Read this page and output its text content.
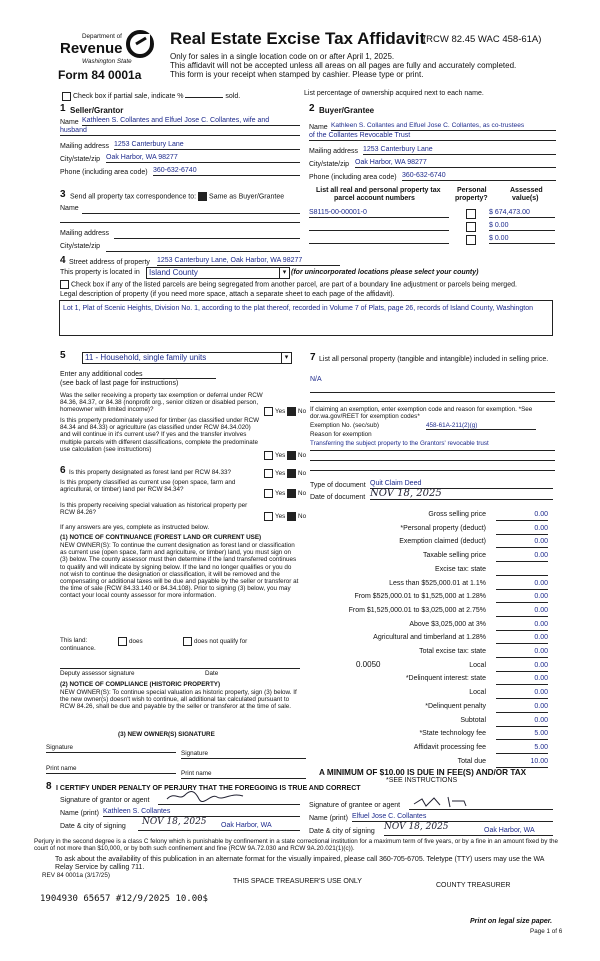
Department of
Revenue
Washington State
Form 84 0001a
Real Estate Excise Tax Affidavit
(RCW 82.45 WAC 458-61A)
Only for sales in a single location code on or after April 1, 2025.
This affidavit will not be accepted unless all areas on all pages are fully and accurately completed.
This form is your receipt when stamped by cashier. Please type or print.
Check box if partial sale, indicate %	sold.	List percentage of ownership acquired next to each name.
1 Seller/Grantor
Name Kathleen S. Collantes and Elfuel Jose C. Collantes, wife and
husband
Mailing address 1253 Canterbury Lane
City/state/zip Oak Harbor, WA 98277
Phone (including area code) 360-632-6740
2 Buyer/Grantee
Name Kathleen S. Collantes and Elfuel Jose C. Collantes, as co-trustees
of the Collantes Revocable Trust
Mailing address 1253 Canterbury Lane
City/state/zip Oak Harbor, WA 98277
Phone (including area code) 360-632-6740
3 Send all property tax correspondence to: Same as Buyer/Grantee
Name
Mailing address
City/state/zip
List all real and personal property tax
parcel account numbers
Personal
property?
Assessed
value(s)
S8115-00-00001-0	$ 674,473.00
$ 0.00
$ 0.00
4 Street address of property 1253 Canterbury Lane, Oak Harbor, WA 98277
This property is located in	Island County	▾ (for unincorporated locations please select your county)
Check box if any of the listed parcels are being segregated from another parcel, are part of a boundary line adjustment or parcels being merged.
Legal description of property (if you need more space, attach a separate sheet to each page of the affidavit).
Lot 1, Plat of Scenic Heights, Division No. 1, according to the plat thereof, recorded in Volume 7 of Plats, page 26, records of Island County, Washington
5	11 - Household, single family units	▾
Enter any additional codes
(see back of last page for instructions)
Was the seller receiving a property tax exemption or deferral under RCW 84.36, 84.37, or 84.38 (nonprofit org., senior citizen or disabled person, homeowner with limited income)?	Yes No
Is this property predominately used for timber (as classified under RCW 84.34 and 84.33) or agriculture (as classified under RCW 84.34.020) and will continue in it's current use? If yes and the transfer involves multiple parcels with different classifications, complete the predominate use calculation (see instructions)
Yes No
6 Is this property designated as forest land per RCW 84.33?	Yes No
Is this property classified as current use (open space, farm and agricultural, or timber) land per RCW 84.34?
Yes No
Is this property receiving special valuation as historical property per RCW 84.26?
Yes No
If any answers are yes, complete as instructed below.
(1) NOTICE OF CONTINUANCE (FOREST LAND OR CURRENT USE)
NEW OWNER(S): To continue the current designation as forest land or classification as current use (open space, farm and agriculture, or timber) land, you must sign on (3) below. The county assessor must then determine if the land transferred continues to qualify and will indicate by signing below. If the land no longer qualifies or you do not wish to continue the designation or classification, it will be removed and the compensating or additional taxes will be due and payable by the seller or transferor at the time of sale (RCW 84.33.140 or 84.34.108). Prior to signing (3) below, you may contact your local county assessor for more information.
This land:
continuance.
does	does not qualify for
Deputy assessor signature	Date
(2) NOTICE OF COMPLIANCE (HISTORIC PROPERTY)
NEW OWNER(S): To continue special valuation as historic property, sign (3) below. If the new owner(s) doesn't wish to continue, all additional tax calculated pursuant to RCW 84.26, shall be due and payable by the seller or transferor at the time of sale.
(3) NEW OWNER(S) SIGNATURE
Signature
Signature
Print name
Print name
7 List all personal property (tangible and intangible) included in selling price.
N/A
If claiming an exemption, enter exemption code and reason for exemption. *See dor.wa.gov/REET for exemption codes*
Exemption No. (sec/sub)	458-61A-211(2)(g)
Reason for exemption
Transferring the subject property to the Grantors' revocable trust
Type of document Quit Claim Deed
Date of document NOV 18, 2025
Gross selling price	0.00
*Personal property (deduct)	0.00
Exemption claimed (deduct)	0.00
Taxable selling price	0.00
Excise tax: state
Less than $525,000.01 at 1.1%	0.00
From $525,000.01 to $1,525,000 at 1.28%	0.00
From $1,525,000.01 to $3,025,000 at 2.75%	0.00
Above $3,025,000 at 3%	0.00
Agricultural and timberland at 1.28%	0.00
Total excise tax: state	0.00
Local	0.00
*Delinquent interest: state	0.00
Local	0.00
*Delinquent penalty	0.00
Subtotal	0.00
*State technology fee	5.00
Affidavit processing fee	5.00
Total due	10.00
0.0050
A MINIMUM OF $10.00 IS DUE IN FEE(S) AND/OR TAX
*SEE INSTRUCTIONS
8 I CERTIFY UNDER PENALTY OF PERJURY THAT THE FOREGOING IS TRUE AND CORRECT
Signature of grantor or agent
Signature of grantee or agent
Name (print) Kathleen S. Collantes
Name (print) Elfuel Jose C. Collantes
Date & city of signing NOV 18, 2025 Oak Harbor, WA
Date & city of signing NOV 18, 2025	Oak Harbor, WA
Perjury in the second degree is a class C felony which is punishable by confinement in a state correctional institution for a maximum term of five years, or by a fine in an amount fixed by the court of not more than $10,000, or by both such confinement and fine (RCW 9A.72.030 and RCW 9A.20.021(1)(c)).
To ask about the availability of this publication in an alternate format for the visually impaired, please call 360-705-6705. Teletype (TTY) users may use the WA Relay Service by calling 711.
REV 84 0001a (3/17/25)
THIS SPACE TREASURER'S USE ONLY
COUNTY TREASURER
1904930 65657 #12/9/2025 10.00$
Print on legal size paper.
Page 1 of 6
